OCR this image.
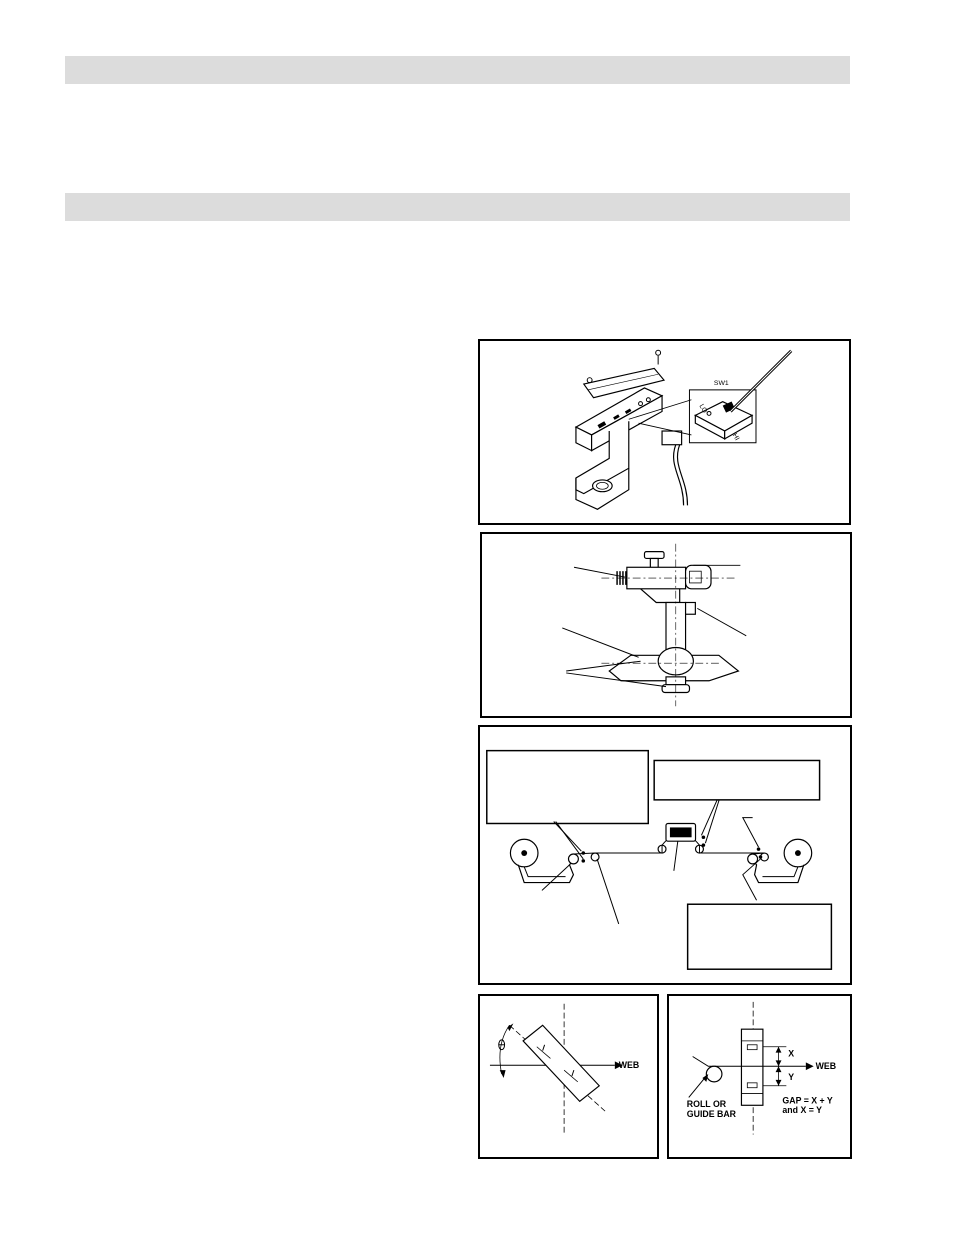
LO
HI
SW1
WEB
X
Y
WEB
ROLL OR
GUIDE BAR
GAP = X + Y
and X = Y
